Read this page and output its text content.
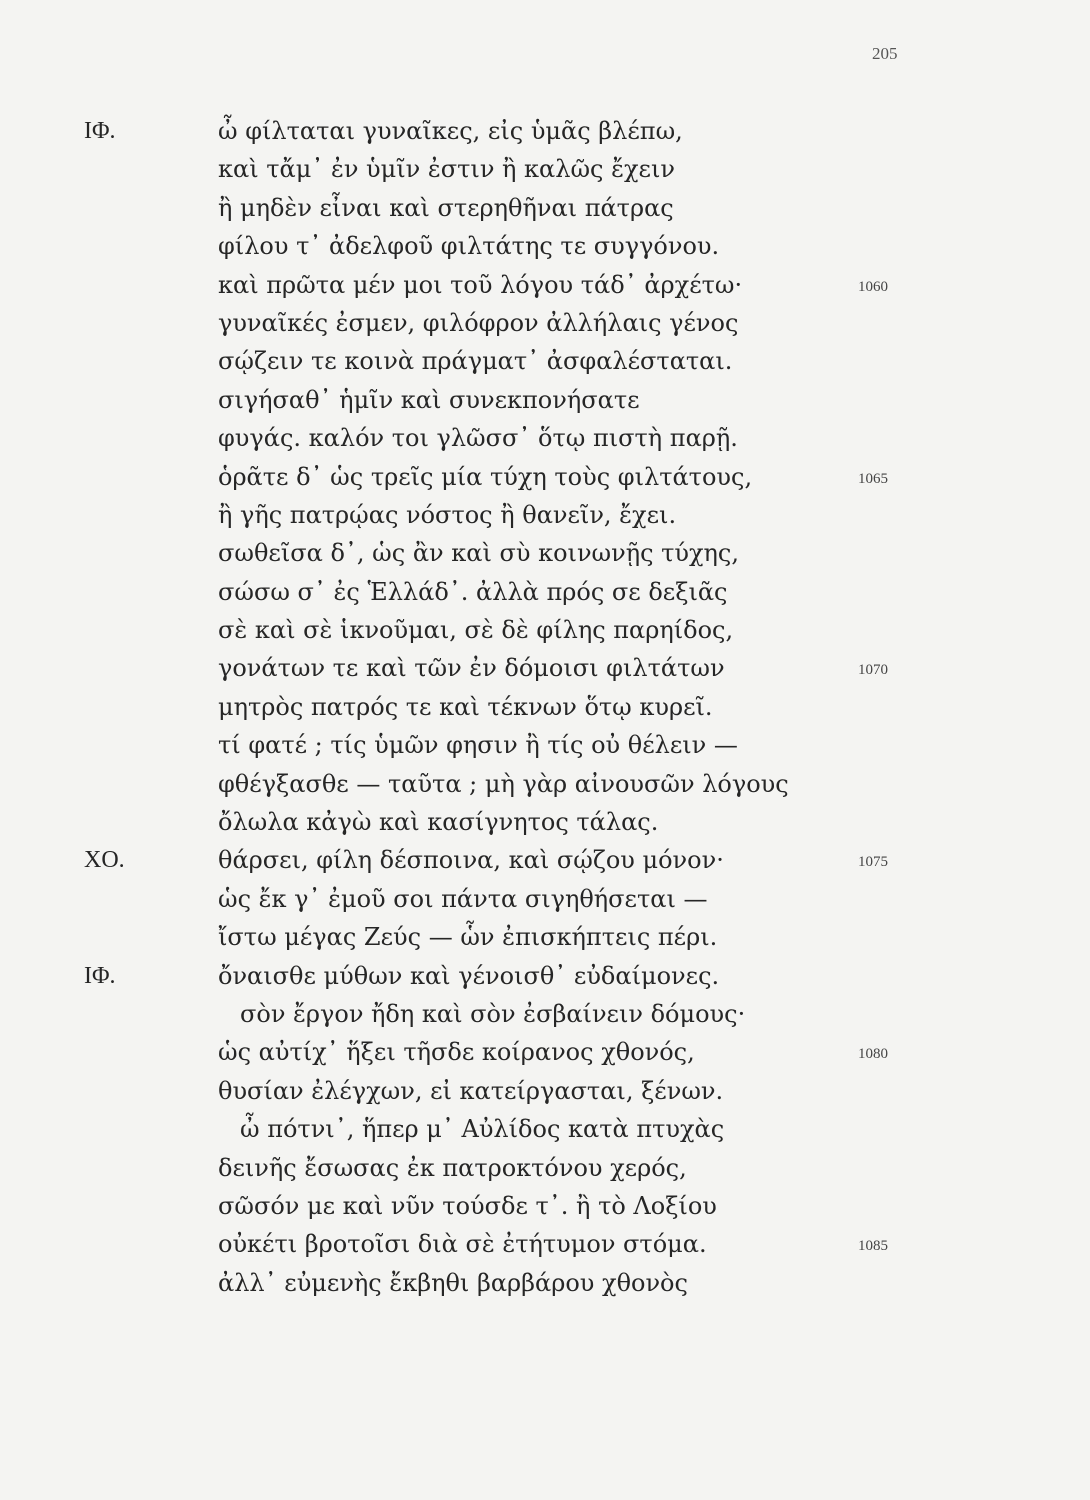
205
ΙΦ.	ὦ φίλταται γυναῖκες, εἰς ὑμᾶς βλέπω,
καὶ τἄμ᾽ ἐν ὑμῖν ἐστιν ἢ καλῶς ἔχειν
ἢ μηδὲν εἶναι καὶ στερηθῆναι πάτρας
φίλου τ᾽ ἀδελφοῦ φιλτάτης τε συγγόνου.
καὶ πρῶτα μέν μοι τοῦ λόγου τάδ᾽ ἀρχέτω·	1060
γυναῖκές ἐσμεν, φιλόφρον ἀλλήλαις γένος
σῴζειν τε κοινὰ πράγματ᾽ ἀσφαλέσταται.
σιγήσαθ᾽ ἡμῖν καὶ συνεκπονήσατε
φυγάς. καλόν τοι γλῶσσ᾽ ὅτῳ πιστὴ παρῇ.
ὁρᾶτε δ᾽ ὡς τρεῖς μία τύχη τοὺς φιλτάτους,	1065
ἢ γῆς πατρῴας νόστος ἢ θανεῖν, ἔχει.
σωθεῖσα δ᾽, ὡς ἂν καὶ σὺ κοινωνῇς τύχης,
σώσω σ᾽ ἐς Ἑλλάδ᾽. ἀλλὰ πρός σε δεξιᾶς
σὲ καὶ σὲ ἱκνοῦμαι, σὲ δὲ φίλης παρηίδος,
γονάτων τε καὶ τῶν ἐν δόμοισι φιλτάτων	1070
μητρὸς πατρός τε καὶ τέκνων ὅτῳ κυρεῖ.
τί φατέ ; τίς ὑμῶν φησιν ἢ τίς οὐ θέλειν —
φθέγξασθε — ταῦτα ; μὴ γὰρ αἰνουσῶν λόγους
ὄλωλα κἀγὼ καὶ κασίγνητος τάλας.
ΧΟ.	θάρσει, φίλη δέσποινα, καὶ σῴζου μόνον·	1075
ὡς ἔκ γ᾽ ἐμοῦ σοι πάντα σιγηθήσεται —
ἴστω μέγας Ζεύς — ὧν ἐπισκήπτεις πέρι.
ΙΦ.	ὄναισθε μύθων καὶ γένοισθ᾽ εὐδαίμονες.
σὸν ἔργον ἤδη καὶ σὸν ἐσβαίνειν δόμους·
ὡς αὐτίχ᾽ ἥξει τῆσδε κοίρανος χθονός,	1080
θυσίαν ἐλέγχων, εἰ κατείργασται, ξένων.
ὦ πότνι᾽, ἥπερ μ᾽ Αὐλίδος κατὰ πτυχὰς
δεινῆς ἔσωσας ἐκ πατροκτόνου χερός,
σῶσόν με καὶ νῦν τούσδε τ᾽. ἢ τὸ Λοξίου
οὐκέτι βροτοῖσι διὰ σὲ ἐτήτυμον στόμα.	1085
ἀλλ᾽ εὐμενὴς ἔκβηθι βαρβάρου χθονὸς
